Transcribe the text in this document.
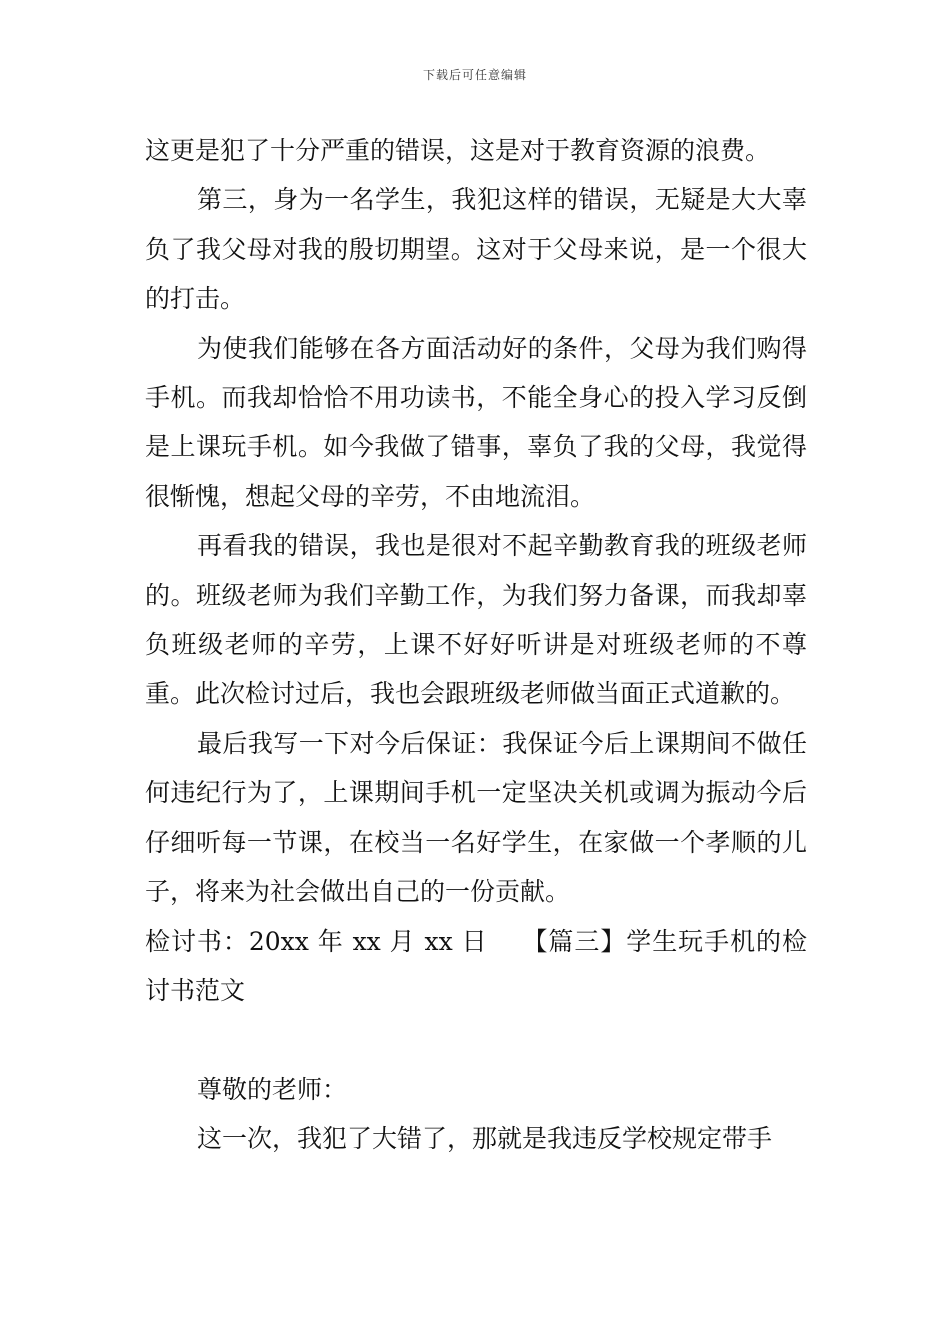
下载后可任意编辑

这更是犯了十分严重的错误，这是对于教育资源的浪费。

第三，身为一名学生，我犯这样的错误，无疑是大大辜负了我父母对我的殷切期望。这对于父母来说，是一个很大的打击。

为使我们能够在各方面活动好的条件，父母为我们购得手机。而我却恰恰不用功读书，不能全身心的投入学习反倒是上课玩手机。如今我做了错事，辜负了我的父母，我觉得很惭愧，想起父母的辛劳，不由地流泪。

再看我的错误，我也是很对不起辛勤教育我的班级老师的。班级老师为我们辛勤工作，为我们努力备课，而我却辜负班级老师的辛劳，上课不好好听讲是对班级老师的不尊重。此次检讨过后，我也会跟班级老师做当面正式道歉的。

最后我写一下对今后保证：我保证今后上课期间不做任何违纪行为了，上课期间手机一定坚决关机或调为振动今后仔细听每一节课，在校当一名好学生，在家做一个孝顺的儿子，将来为社会做出自己的一份贡献。

检讨书：20xx 年 xx 月 xx 日　 【篇三】学生玩手机的检讨书范文

尊敬的老师：

这一次，我犯了大错了，那就是我违反学校规定带手
